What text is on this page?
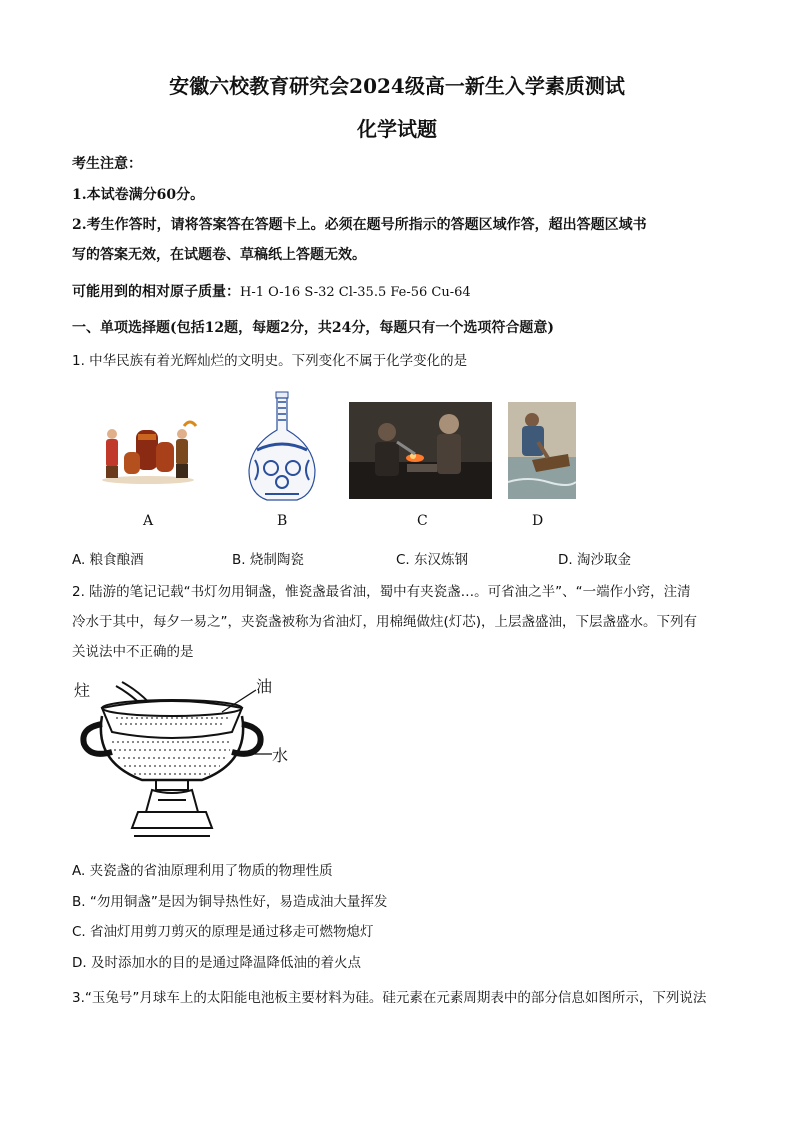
安徽六校教育研究会2024级高一新生入学素质测试
化学试题
考生注意：
1.本试卷满分60分。
2.考生作答时，请将答案答在答题卡上。必须在题号所指示的答题区域作答，超出答题区域书
写的答案无效，在试题卷、草稿纸上答题无效。
可能用到的相对原子质量：H-1 O-16 S-32 Cl-35.5 Fe-56 Cu-64
一、单项选择题(包括12题，每题2分，共24分，每题只有一个选项符合题意)
1. 中华民族有着光辉灿烂的文明史。下列变化不属于化学变化的是
A	B	C	D
A. 粮食酿酒	B. 烧制陶瓷	C. 东汉炼钢	D. 淘沙取金
2. 陆游的笔记记载“书灯勿用铜盏，惟瓷盏最省油，蜀中有夹瓷盏…。可省油之半”、“一端作小窍，注清
冷水于其中，每夕一易之”，夹瓷盏被称为省油灯，用棉绳做炷(灯芯)，上层盏盛油，下层盏盛水。下列有
关说法中不正确的是
炷	油
水
A. 夹瓷盏的省油原理利用了物质的物理性质
B. “勿用铜盏”是因为铜导热性好，易造成油大量挥发
C. 省油灯用剪刀剪灭的原理是通过移走可燃物熄灯
D. 及时添加水的目的是通过降温降低油的着火点
3.“玉兔号”月球车上的太阳能电池板主要材料为硅。硅元素在元素周期表中的部分信息如图所示，下列说法
